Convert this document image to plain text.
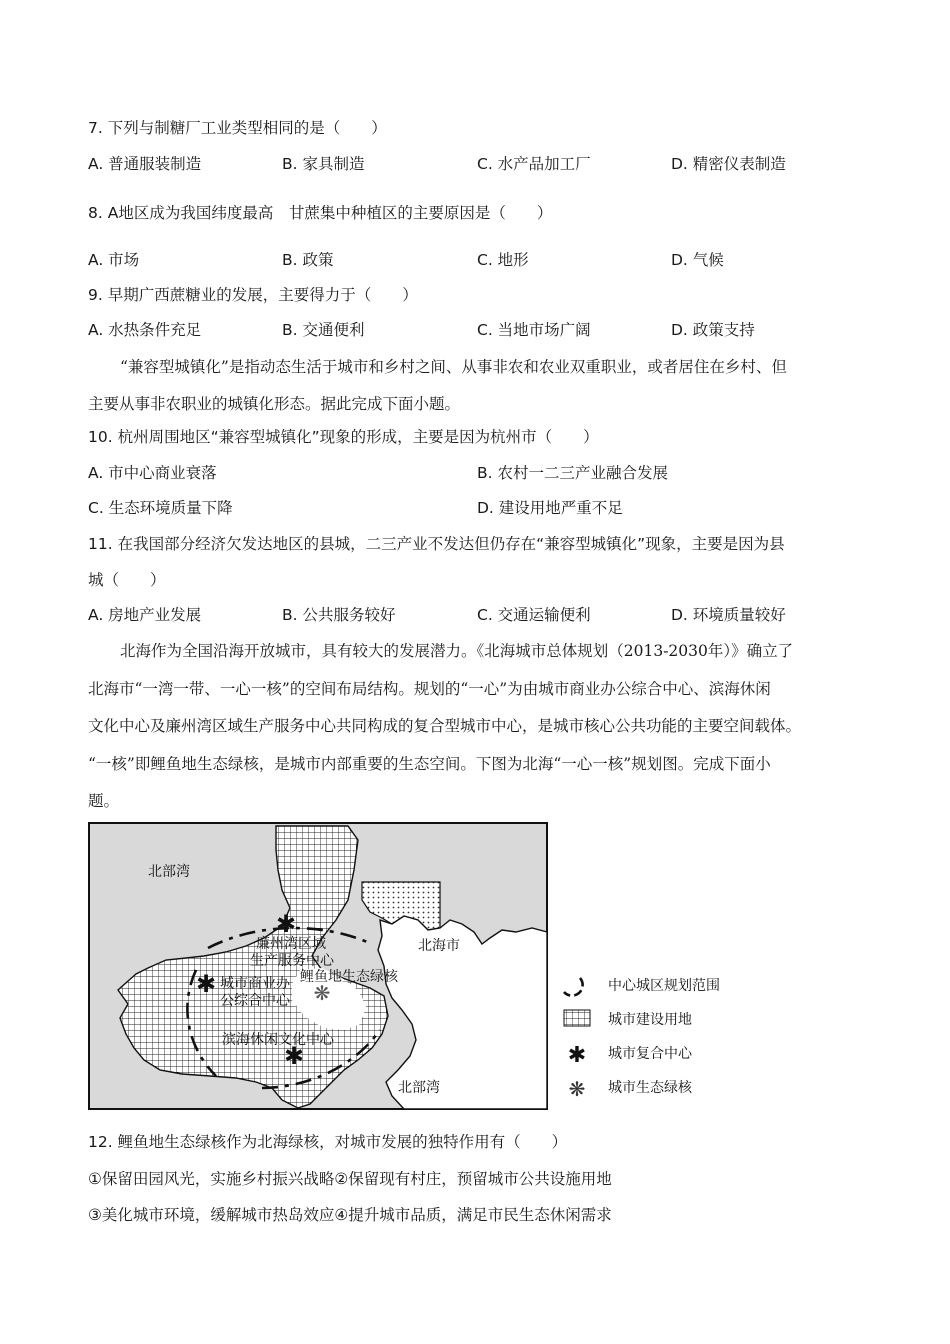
7. 下列与制糖厂工业类型相同的是（　　）
A. 普通服装制造	B. 家具制造	C. 水产品加工厂	D. 精密仪表制造
8. A地区成为我国纬度最高　甘蔗集中种植区的主要原因是（　　）
A. 市场	B. 政策	C. 地形	D. 气候
9. 早期广西蔗糖业的发展，主要得力于（　　）
A. 水热条件充足	B. 交通便利	C. 当地市场广阔	D. 政策支持
“兼容型城镇化”是指动态生活于城市和乡村之间、从事非农和农业双重职业，或者居住在乡村、但
主要从事非农职业的城镇化形态。据此完成下面小题。
10. 杭州周围地区“兼容型城镇化”现象的形成，主要是因为杭州市（　　）
A. 市中心商业衰落	B. 农村一二三产业融合发展
C. 生态环境质量下降	D. 建设用地严重不足
11. 在我国部分经济欠发达地区的县城，二三产业不发达但仍存在“兼容型城镇化”现象，主要是因为县
城（　　）
A. 房地产业发展	B. 公共服务较好	C. 交通运输便利	D. 环境质量较好
北海作为全国沿海开放城市，具有较大的发展潜力。《北海城市总体规划（2013-2030年）》确立了
北海市“一湾一带、一心一核”的空间布局结构。规划的“一心”为由城市商业办公综合中心、滨海休闲
文化中心及廉州湾区域生产服务中心共同构成的复合型城市中心，是城市核心公共功能的主要空间载体。
“一核”即鲤鱼地生态绿核，是城市内部重要的生态空间。下图为北海“一心一核”规划图。完成下面小
题。
✱
✱
✱
❋
北部湾
北海市
北部湾
廉州湾区域
生产服务中心
鲤鱼地生态绿核
城市商业办
公综合中心
滨海休闲文化中心
中心城区规划范围
城市建设用地
✱ 城市复合中心
❋ 城市生态绿核
12. 鲤鱼地生态绿核作为北海绿核，对城市发展的独特作用有（　　）
①保留田园风光，实施乡村振兴战略②保留现有村庄，预留城市公共设施用地
③美化城市环境，缓解城市热岛效应④提升城市品质，满足市民生态休闲需求
